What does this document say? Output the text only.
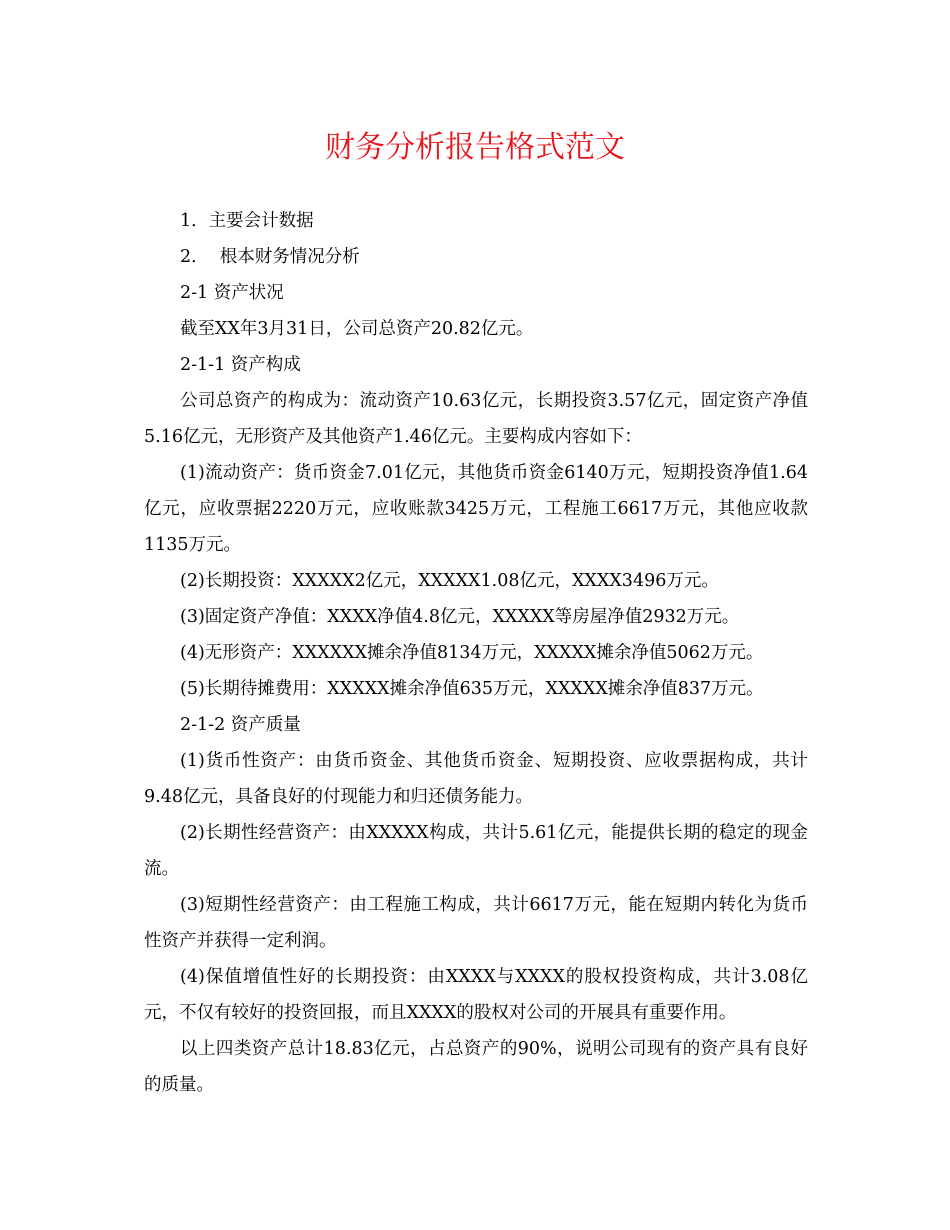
财务分析报告格式范文

1．主要会计数据

2．  根本财务情况分析

2-1 资产状况

截至XX年3月31日，公司总资产20.82亿元。

2-1-1 资产构成

公司总资产的构成为：流动资产10.63亿元，长期投资3.57亿元，固定资产净值5.16亿元，无形资产及其他资产1.46亿元。主要构成内容如下：

(1)流动资产：货币资金7.01亿元，其他货币资金6140万元，短期投资净值1.64亿元，应收票据2220万元，应收账款3425万元，工程施工6617万元，其他应收款1135万元。

(2)长期投资：XXXXX2亿元，XXXXX1.08亿元，XXXX3496万元。

(3)固定资产净值：XXXX净值4.8亿元，XXXXX等房屋净值2932万元。

(4)无形资产：XXXXXX摊余净值8134万元，XXXXX摊余净值5062万元。

(5)长期待摊费用：XXXXX摊余净值635万元，XXXXX摊余净值837万元。

2-1-2 资产质量

(1)货币性资产：由货币资金、其他货币资金、短期投资、应收票据构成，共计9.48亿元，具备良好的付现能力和归还债务能力。

(2)长期性经营资产：由XXXXX构成，共计5.61亿元，能提供长期的稳定的现金流。

(3)短期性经营资产：由工程施工构成，共计6617万元，能在短期内转化为货币性资产并获得一定利润。

(4)保值增值性好的长期投资：由XXXX与XXXX的股权投资构成，共计3.08亿元，不仅有较好的投资回报，而且XXXX的股权对公司的开展具有重要作用。

以上四类资产总计18.83亿元，占总资产的90%，说明公司现有的资产具有良好的质量。
